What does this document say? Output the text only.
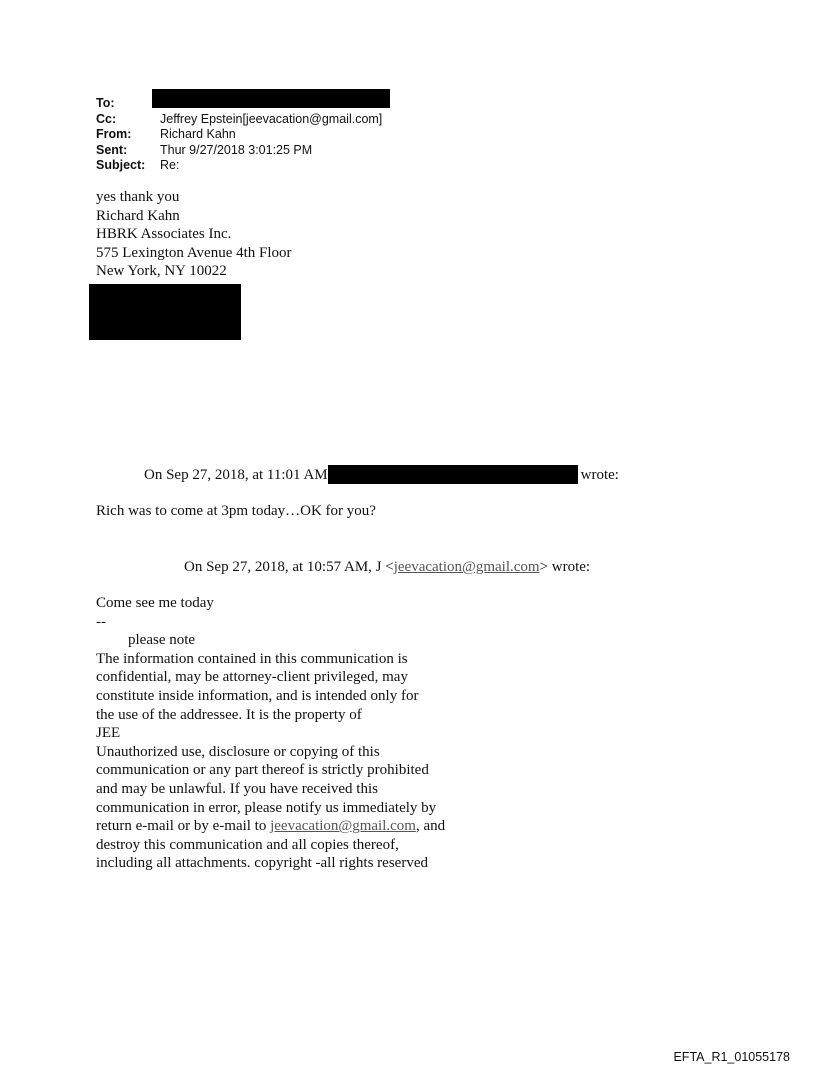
To:
Cc:	Jeffrey Epstein[jeevacation@gmail.com]
From:	Richard Kahn
Sent:	Thur 9/27/2018 3:01:25 PM
Subject:	Re:
yes thank you
Richard Kahn
HBRK Associates Inc.
575 Lexington Avenue 4th Floor
New York, NY 10022
On Sep 27, 2018, at 11:01 AM	wrote:
Rich was to come at 3pm today…OK for you?
On Sep 27, 2018, at 10:57 AM, J <jeevacation@gmail.com> wrote:
Come see me today
--
please note
The information contained in this communication is
confidential, may be attorney-client privileged, may
constitute inside information, and is intended only for
the use of the addressee. It is the property of
JEE
Unauthorized use, disclosure or copying of this
communication or any part thereof is strictly prohibited
and may be unlawful. If you have received this
communication in error, please notify us immediately by
return e-mail or by e-mail to jeevacation@gmail.com, and
destroy this communication and all copies thereof,
including all attachments. copyright -all rights reserved
EFTA_R1_01055178
